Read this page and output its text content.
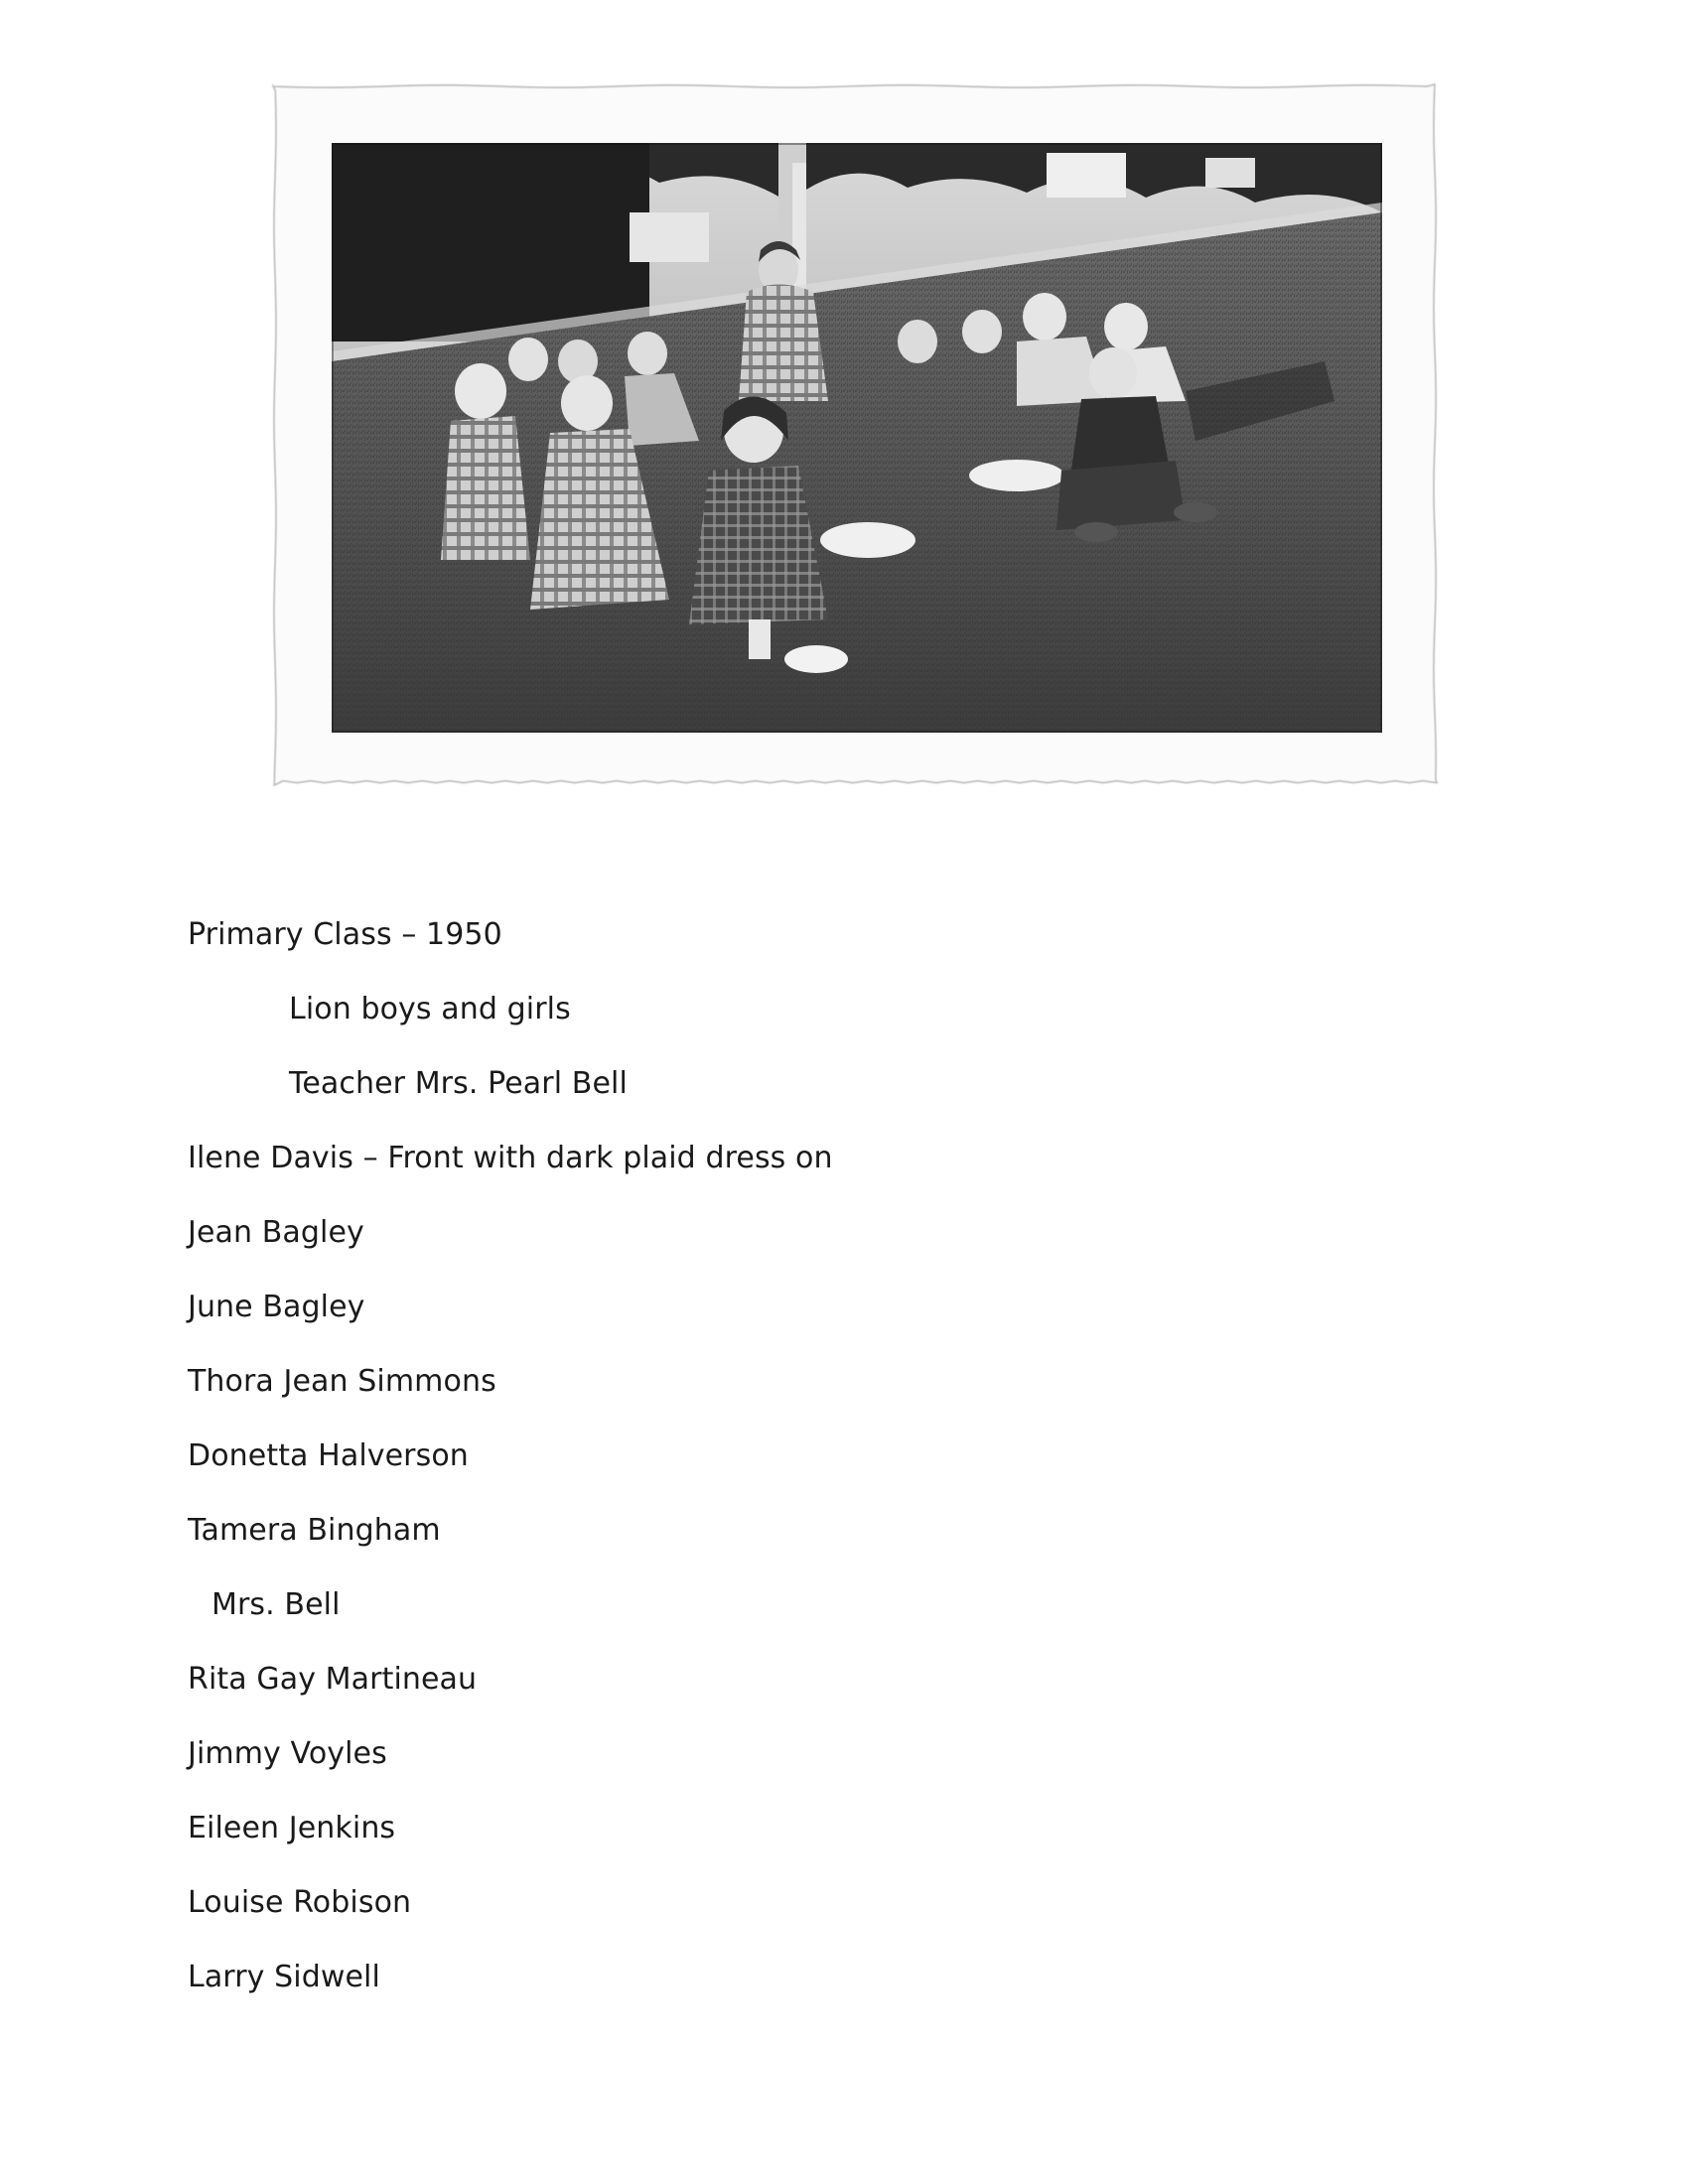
Primary Class – 1950
Lion boys and girls
Teacher Mrs. Pearl Bell
Ilene Davis – Front with dark plaid dress on
Jean Bagley
June Bagley
Thora Jean Simmons
Donetta Halverson
Tamera Bingham
Mrs. Bell
Rita Gay Martineau
Jimmy Voyles
Eileen Jenkins
Louise Robison
Larry Sidwell
